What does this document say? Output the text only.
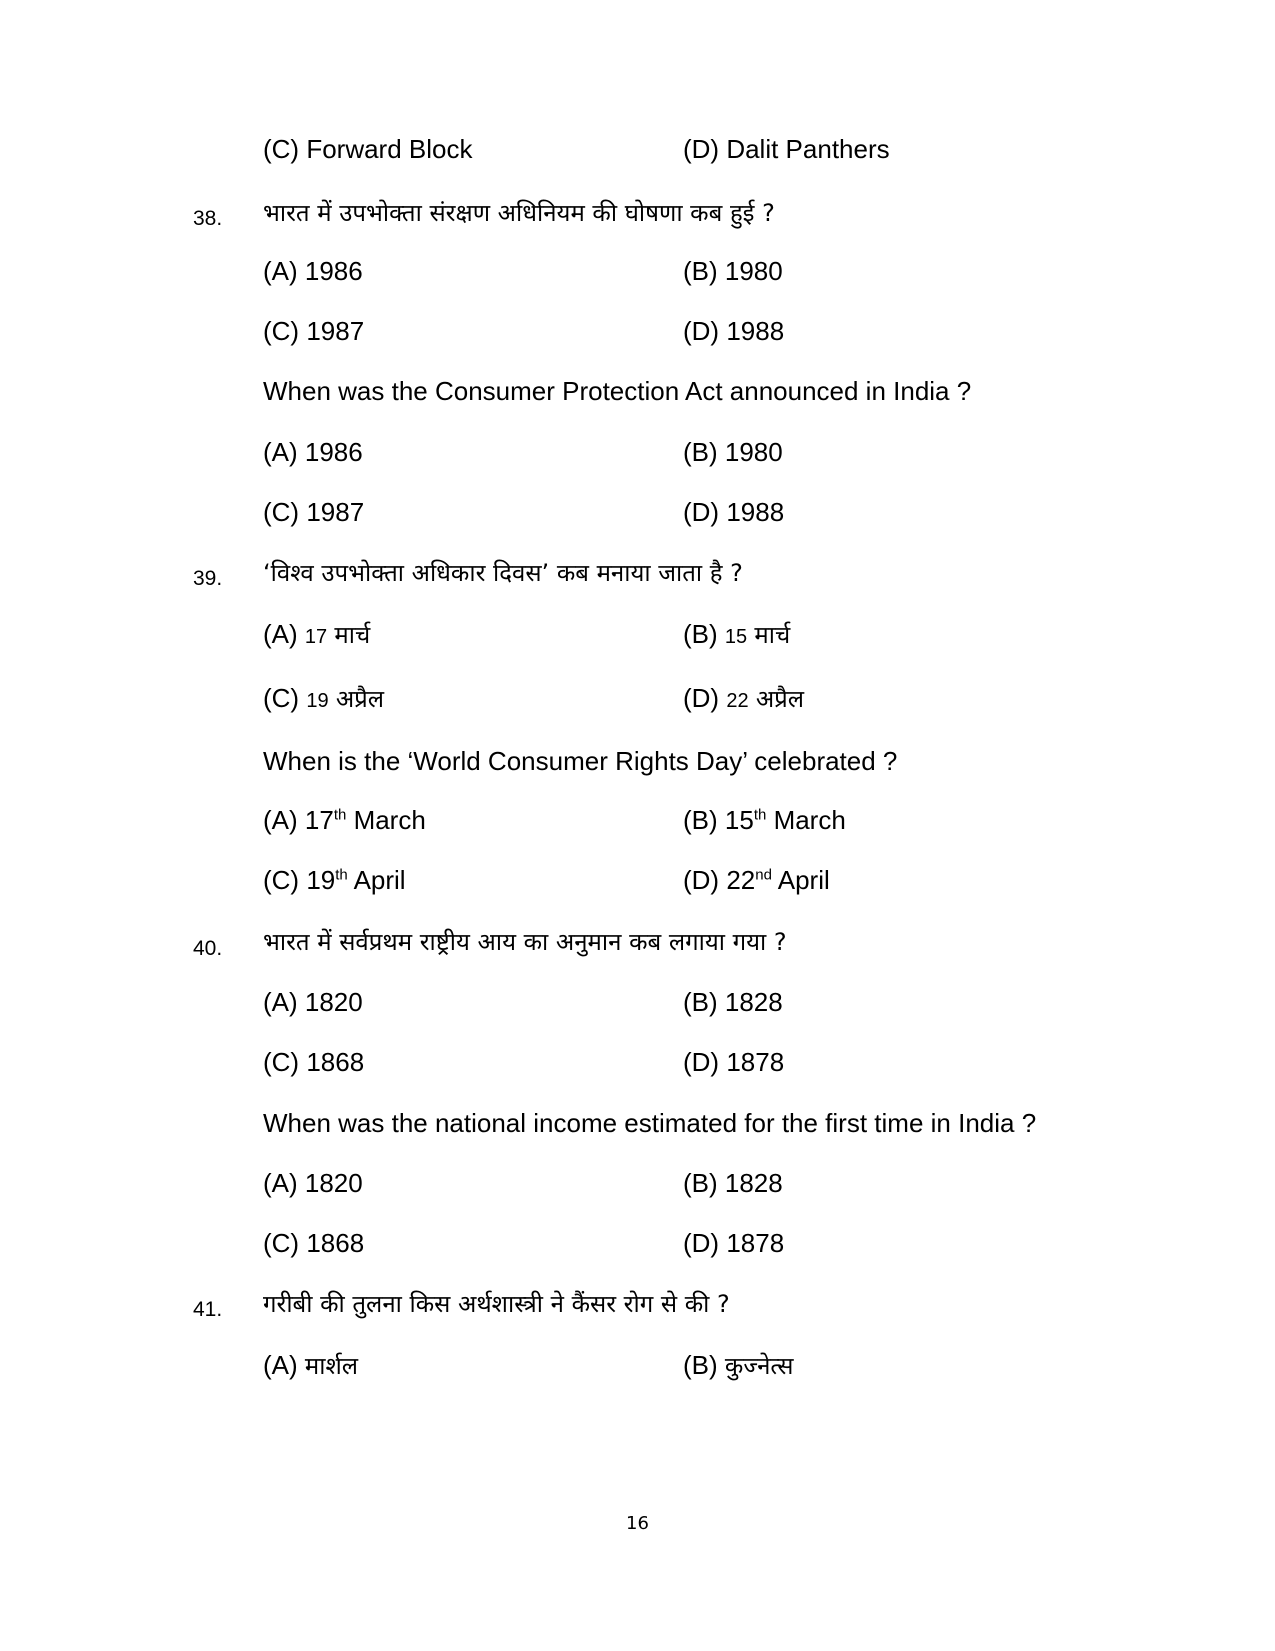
(C) Forward Block	(D) Dalit Panthers
38. भारत में उपभोक्ता संरक्षण अधिनियम की घोषणा कब हुई ?
(A) 1986	(B) 1980
(C) 1987	(D) 1988
When was the Consumer Protection Act announced in India ?
(A) 1986	(B) 1980
(C) 1987	(D) 1988
39. ‘विश्व उपभोक्ता अधिकार दिवस’ कब मनाया जाता है ?
(A) 17 मार्च	(B) 15 मार्च
(C) 19 अप्रैल	(D) 22 अप्रैल
When is the ‘World Consumer Rights Day’ celebrated ?
(A) 17th March	(B) 15th March
(C) 19th April	(D) 22nd April
40. भारत में सर्वप्रथम राष्ट्रीय आय का अनुमान कब लगाया गया ?
(A) 1820	(B) 1828
(C) 1868	(D) 1878
When was the national income estimated for the first time in India ?
(A) 1820	(B) 1828
(C) 1868	(D) 1878
41. गरीबी की तुलना किस अर्थशास्त्री ने कैंसर रोग से की ?
(A) मार्शल	(B) कुज्नेत्स
16
